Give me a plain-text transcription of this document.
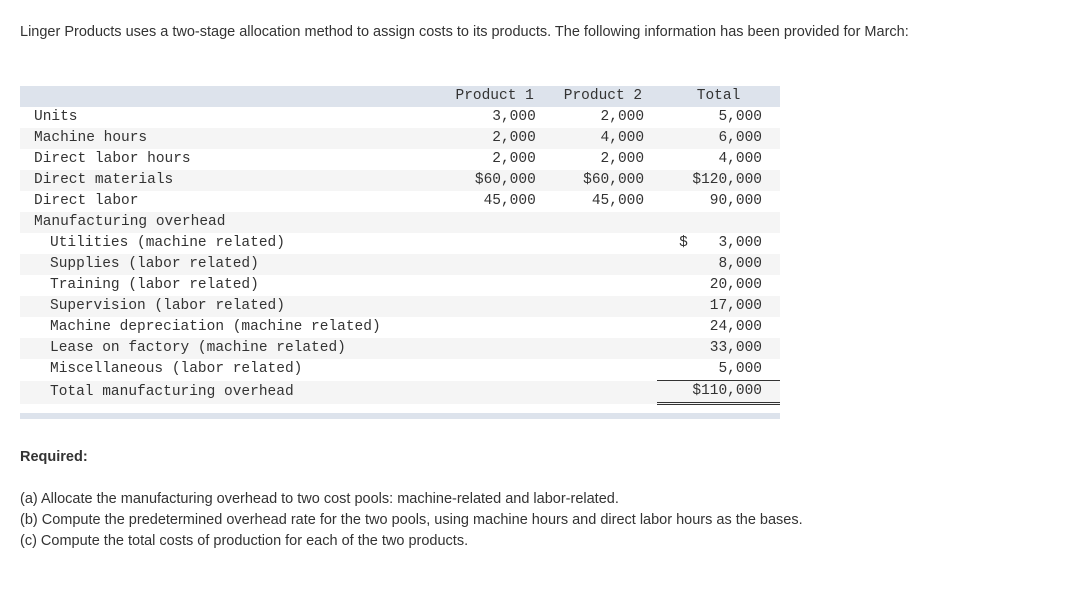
Linger Products uses a two-stage allocation method to assign costs to its products. The following information has been provided for March:
	Product 1	Product 2	Total
Units	3,000	2,000	5,000
Machine hours	2,000	4,000	6,000
Direct labor hours	2,000	2,000	4,000
Direct materials	$60,000	$60,000	$120,000
Direct labor	45,000	45,000	90,000
Manufacturing overhead			
Utilities (machine related)			$ 3,000

Supplies (labor related)			8,000
Training (labor related)			20,000
Supervision (labor related)			17,000
Machine depreciation (machine related)			24,000
Lease on factory (machine related)			33,000
Miscellaneous (labor related)			5,000
Total manufacturing overhead			$110,000

Required:
(a) Allocate the manufacturing overhead to two cost pools: machine-related and labor-related.
(b) Compute the predetermined overhead rate for the two pools, using machine hours and direct labor hours as the bases.
(c) Compute the total costs of production for each of the two products.
